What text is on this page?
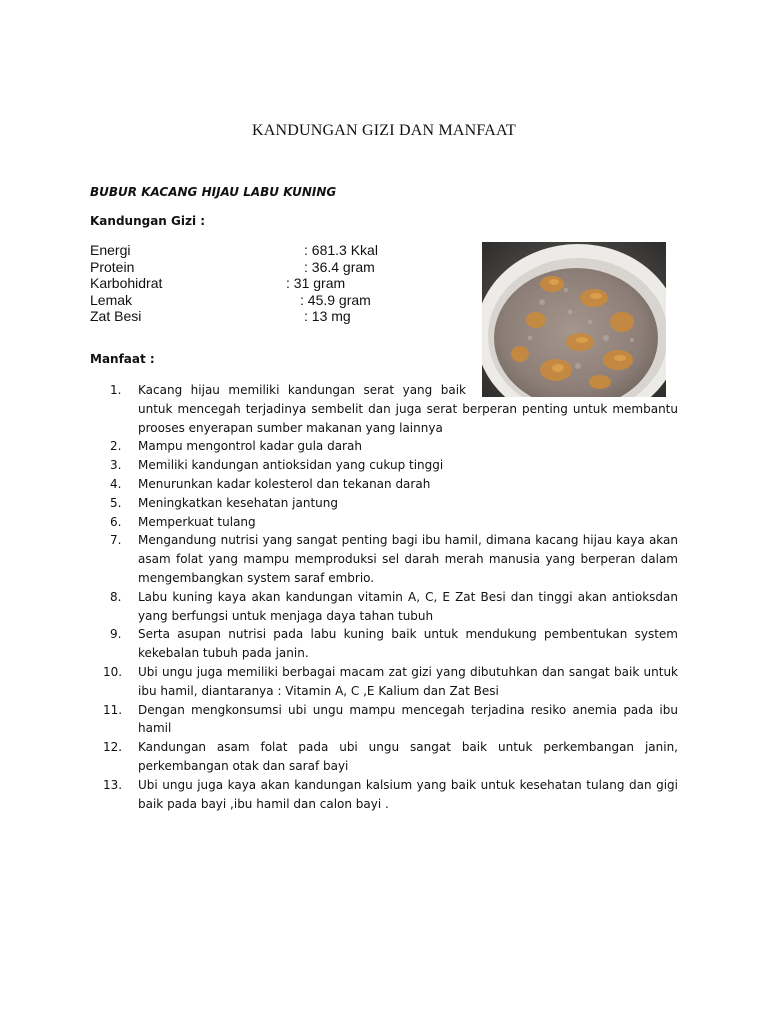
KANDUNGAN GIZI DAN MANFAAT
BUBUR KACANG HIJAU LABU KUNING
Kandungan Gizi :
Energi	: 681.3 Kkal
Protein	: 36.4 gram
Karbohidrat	: 31 gram
Lemak	: 45.9 gram
Zat Besi	: 13 mg
Manfaat :
1.	Kacang hijau memiliki kandungan serat yang baik untuk mencegah terjadinya sembelit dan juga serat berperan penting untuk membantu prooses enyerapan sumber makanan yang lainnya
2.	Mampu mengontrol kadar gula darah
3.	Memiliki kandungan antioksidan yang cukup tinggi
4.	Menurunkan kadar kolesterol dan tekanan darah
5.	Meningkatkan kesehatan jantung
6.	Memperkuat tulang
7.	Mengandung nutrisi yang sangat penting bagi ibu hamil, dimana kacang hijau kaya akan asam folat yang mampu memproduksi sel darah merah manusia yang berperan dalam mengembangkan system saraf embrio.
8.	Labu kuning kaya akan kandungan vitamin A, C, E Zat Besi dan tinggi akan antioksdan yang berfungsi untuk menjaga daya tahan tubuh
9.	Serta asupan nutrisi pada labu kuning baik untuk mendukung pembentukan system kekebalan tubuh pada janin.
10.	Ubi ungu juga memiliki berbagai macam zat gizi yang dibutuhkan dan sangat baik untuk ibu hamil, diantaranya : Vitamin A, C ,E Kalium dan Zat Besi
11.	Dengan mengkonsumsi ubi ungu mampu mencegah terjadina resiko anemia pada ibu hamil
12.	Kandungan asam folat pada ubi ungu sangat baik untuk perkembangan janin, perkembangan otak dan saraf bayi
13.	Ubi ungu juga kaya akan kandungan kalsium yang baik untuk kesehatan tulang dan gigi baik pada bayi ,ibu hamil dan calon bayi .
